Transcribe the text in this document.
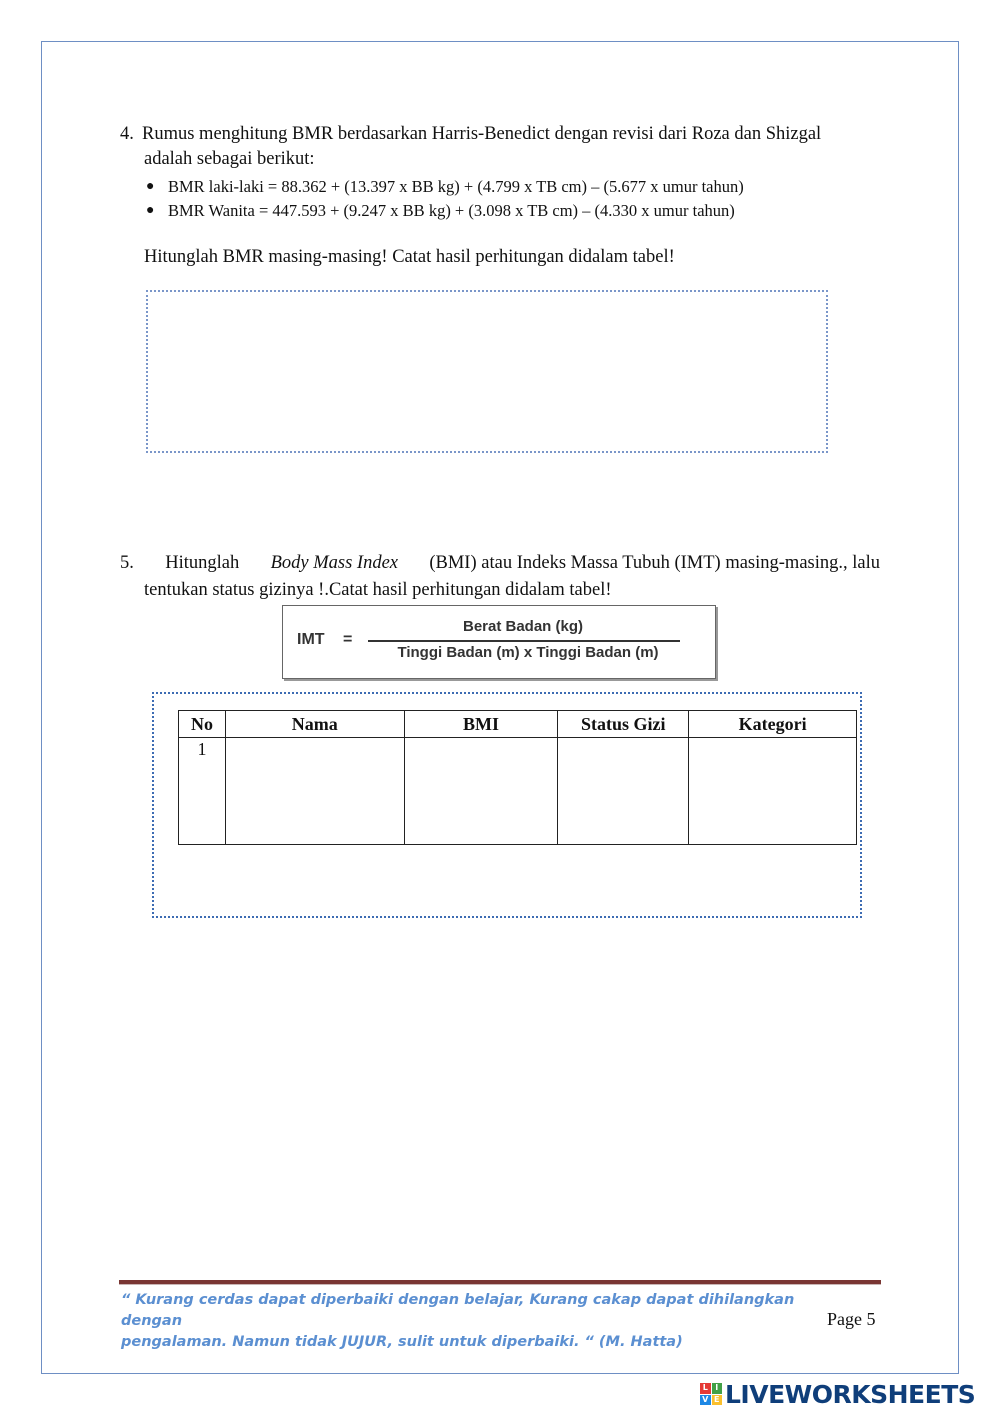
4. Rumus menghitung BMR berdasarkan Harris-Benedict dengan revisi dari Roza dan Shizgal
adalah sebagai berikut:
● BMR laki-laki = 88.362 + (13.397 x BB kg) + (4.799 x TB cm) – (5.677 x umur tahun)
● BMR Wanita = 447.593 + (9.247 x BB kg) + (3.098 x TB cm) – (4.330 x umur tahun)
Hitunglah BMR masing-masing! Catat hasil perhitungan didalam tabel!
5. Hitunglah Body Mass Index (BMI) atau Indeks Massa Tubuh (IMT) masing-masing., lalu
tentukan status gizinya !.Catat hasil perhitungan didalam tabel!
IMT =
Berat Badan (kg)
Tinggi Badan (m) x Tinggi Badan (m)
No	Nama	BMI	Status Gizi	Kategori
1				
“ Kurang cerdas dapat diperbaiki dengan belajar, Kurang cakap dapat dihilangkan dengan
pengalaman. Namun tidak JUJUR, sulit untuk diperbaiki. “ (M. Hatta)
Page 5
L I
V E LIVEWORKSHEETS
